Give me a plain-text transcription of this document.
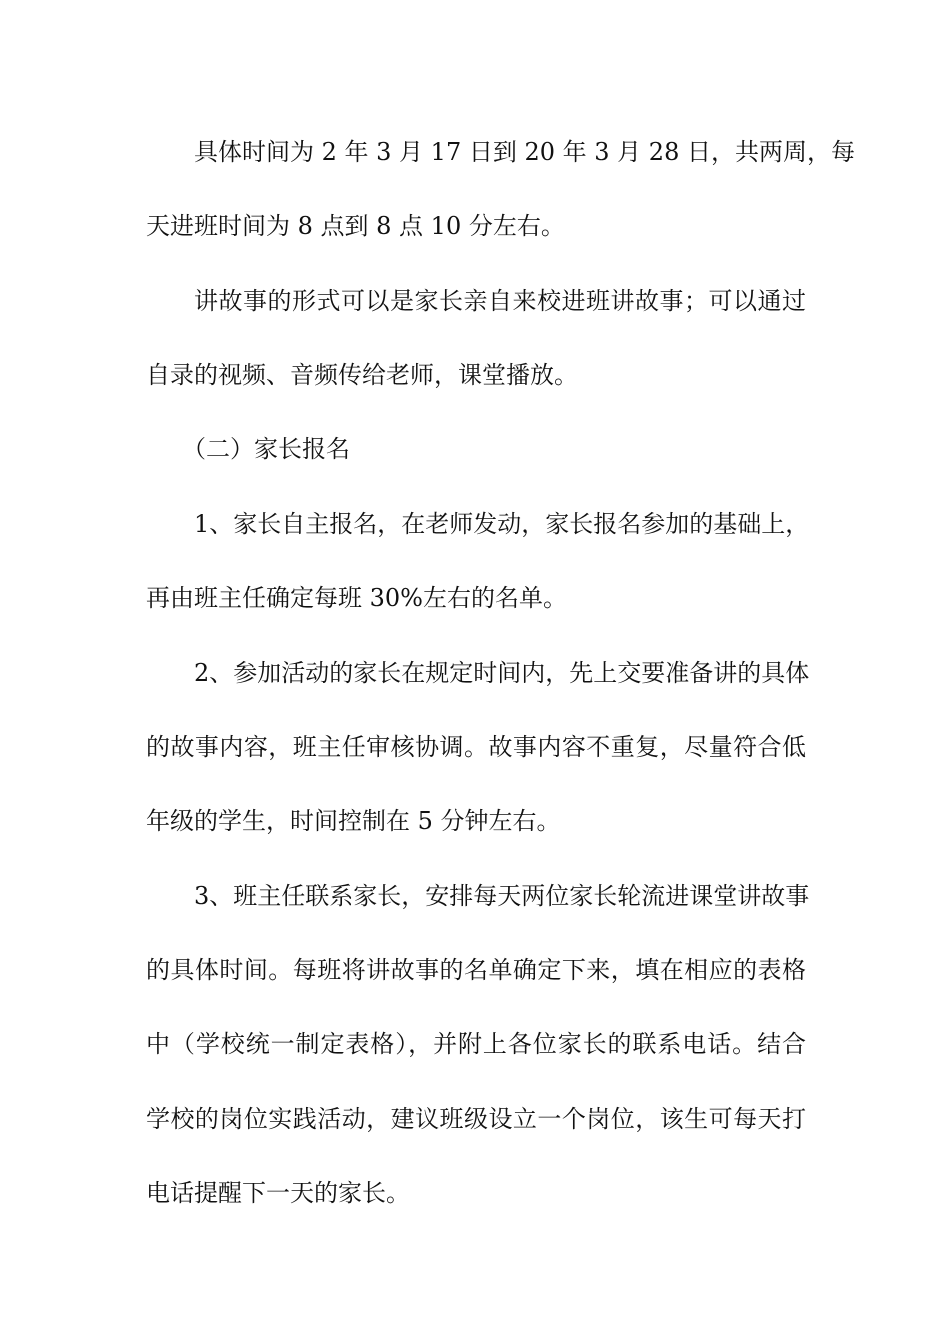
具体时间为 2 年 3 月 17 日到 20 年 3 月 28 日，共两周，每
天进班时间为 8 点到 8 点 10 分左右。
讲故事的形式可以是家长亲自来校进班讲故事；可以通过
自录的视频、音频传给老师，课堂播放。
（二）家长报名
1、家长自主报名，在老师发动，家长报名参加的基础上，
再由班主任确定每班 30%左右的名单。
2、参加活动的家长在规定时间内，先上交要准备讲的具体
的故事内容，班主任审核协调。故事内容不重复，尽量符合低
年级的学生，时间控制在 5 分钟左右。
3、班主任联系家长，安排每天两位家长轮流进课堂讲故事
的具体时间。每班将讲故事的名单确定下来，填在相应的表格
中（学校统一制定表格），并附上各位家长的联系电话。结合
学校的岗位实践活动，建议班级设立一个岗位，该生可每天打
电话提醒下一天的家长。
